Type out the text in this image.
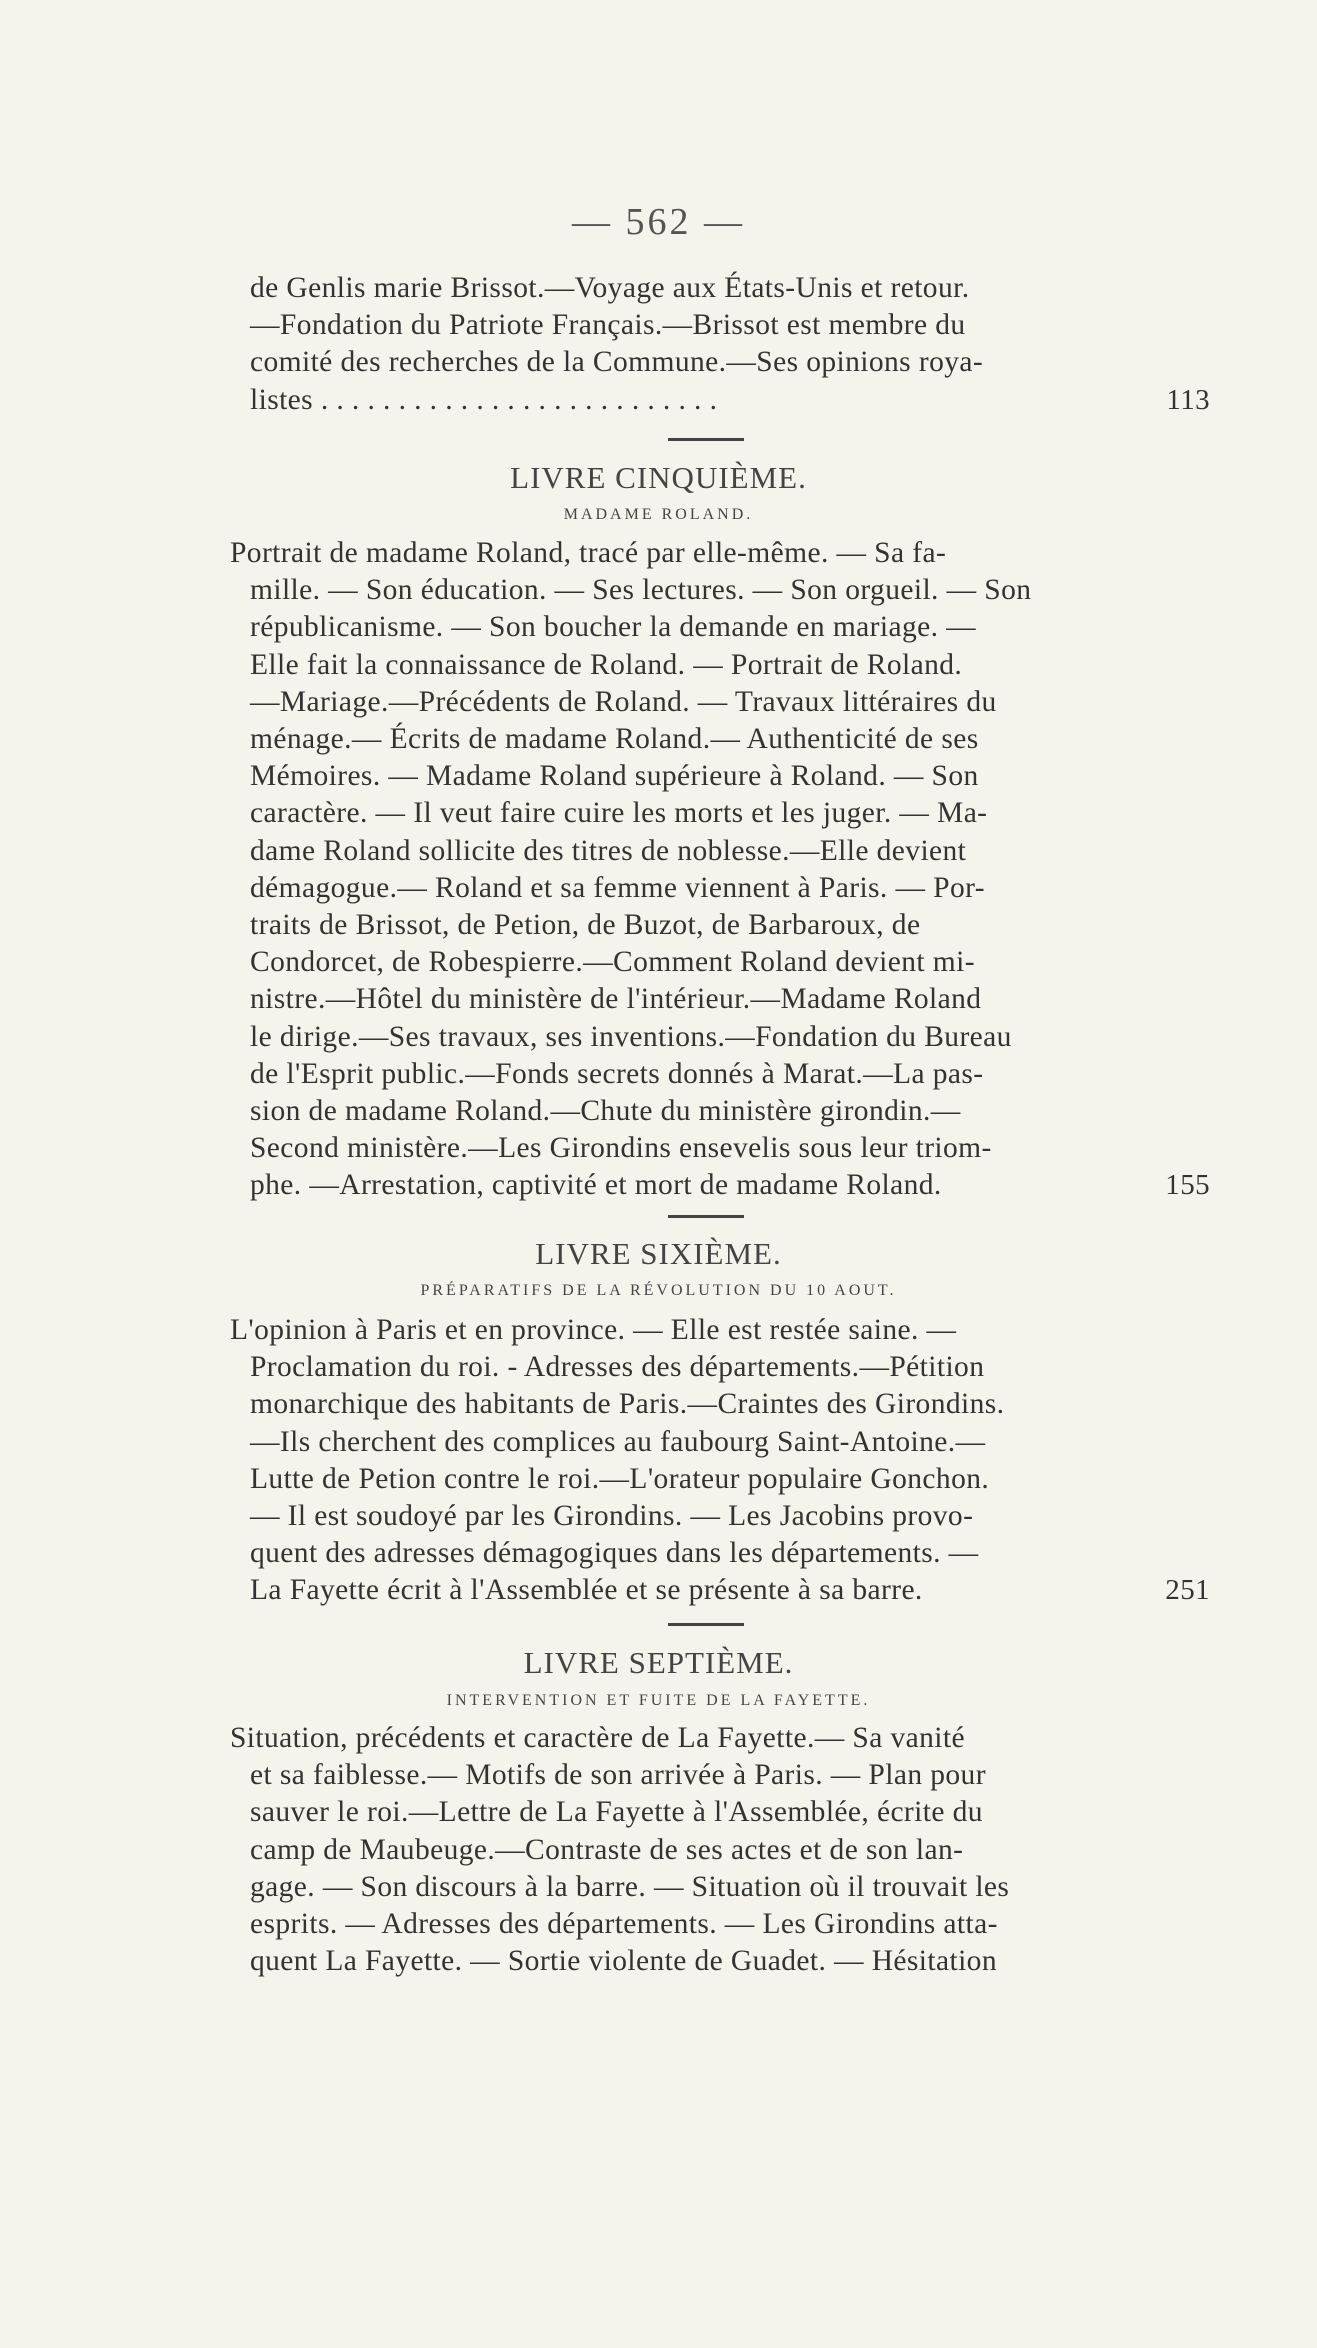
— 562 —

de Genlis marie Brissot.—Voyage aux États-Unis et retour.
—Fondation du Patriote Français.—Brissot est membre du
comité des recherches de la Commune.—Ses opinions roya-
listes . . . . . . . . . . . . . . . . . . . . . . . . . .	113

LIVRE CINQUIÈME.
MADAME ROLAND.

Portrait de madame Roland, tracé par elle-même. — Sa fa-
mille. — Son éducation. — Ses lectures. — Son orgueil. — Son
républicanisme. — Son boucher la demande en mariage. —
Elle fait la connaissance de Roland. — Portrait de Roland.
—Mariage.—Précédents de Roland. — Travaux littéraires du
ménage.— Écrits de madame Roland.— Authenticité de ses
Mémoires. — Madame Roland supérieure à Roland. — Son
caractère. — Il veut faire cuire les morts et les juger. — Ma-
dame Roland sollicite des titres de noblesse.—Elle devient
démagogue.— Roland et sa femme viennent à Paris. — Por-
traits de Brissot, de Petion, de Buzot, de Barbaroux, de
Condorcet, de Robespierre.—Comment Roland devient mi-
nistre.—Hôtel du ministère de l'intérieur.—Madame Roland
le dirige.—Ses travaux, ses inventions.—Fondation du Bureau
de l'Esprit public.—Fonds secrets donnés à Marat.—La pas-
sion de madame Roland.—Chute du ministère girondin.—
Second ministère.—Les Girondins ensevelis sous leur triom-
phe. —Arrestation, captivité et mort de madame Roland.	155

LIVRE SIXIÈME.
PRÉPARATIFS DE LA RÉVOLUTION DU 10 AOUT.

L'opinion à Paris et en province. — Elle est restée saine. —
Proclamation du roi. - Adresses des départements.—Pétition
monarchique des habitants de Paris.—Craintes des Girondins.
—Ils cherchent des complices au faubourg Saint-Antoine.—
Lutte de Petion contre le roi.—L'orateur populaire Gonchon.
— Il est soudoyé par les Girondins. — Les Jacobins provo-
quent des adresses démagogiques dans les départements. —
La Fayette écrit à l'Assemblée et se présente à sa barre.	251

LIVRE SEPTIÈME.
INTERVENTION ET FUITE DE LA FAYETTE.

Situation, précédents et caractère de La Fayette.— Sa vanité
et sa faiblesse.— Motifs de son arrivée à Paris. — Plan pour
sauver le roi.—Lettre de La Fayette à l'Assemblée, écrite du
camp de Maubeuge.—Contraste de ses actes et de son lan-
gage. — Son discours à la barre. — Situation où il trouvait les
esprits. — Adresses des départements. — Les Girondins atta-
quent La Fayette. — Sortie violente de Guadet. — Hésitation
